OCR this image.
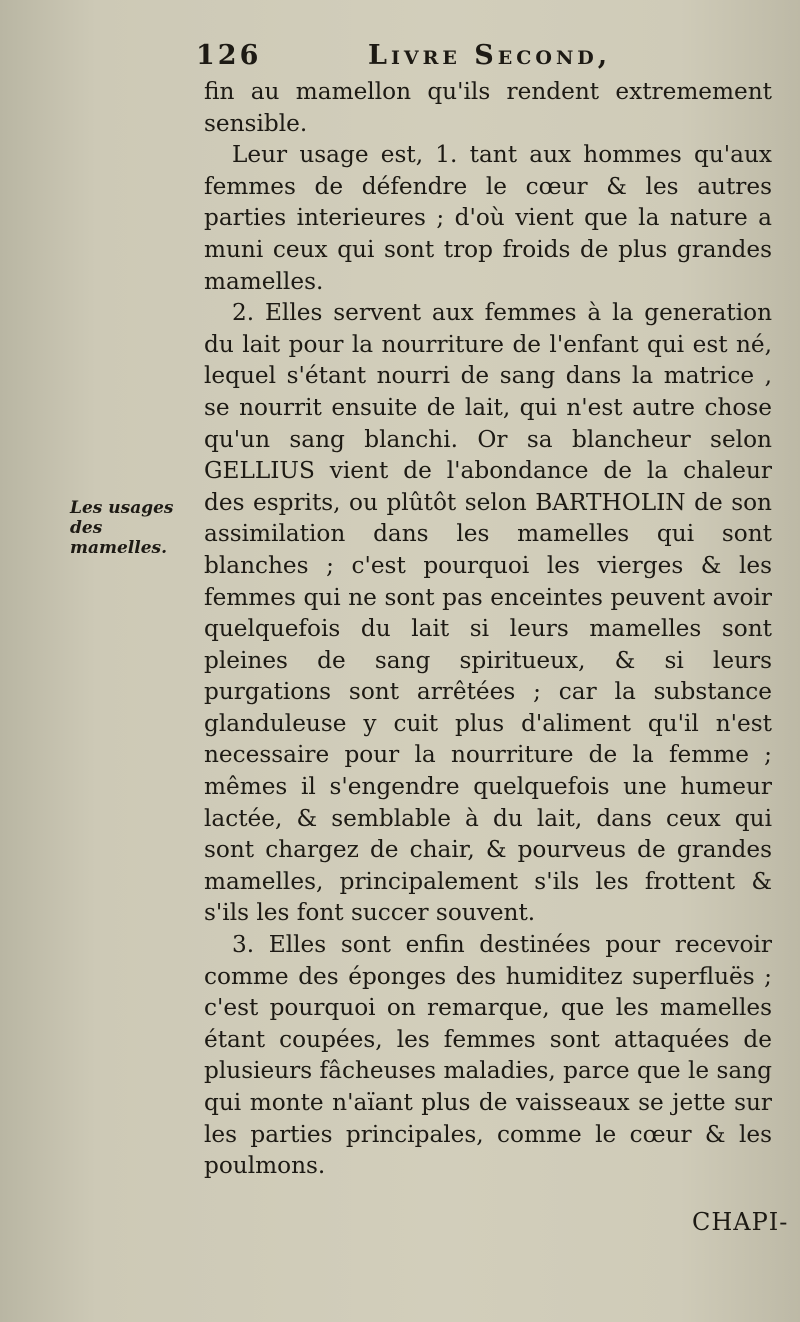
126	Livre Second,
Les usages des mamelles.

fin au mamellon qu'ils rendent extremement sensible.

Leur usage est, 1. tant aux hommes qu'aux femmes de défendre le cœur & les autres parties interieures ; d'où vient que la nature a muni ceux qui sont trop froids de plus grandes mamelles.

2. Elles servent aux femmes à la generation du lait pour la nourriture de l'enfant qui est né, lequel s'étant nourri de sang dans la matrice , se nourrit ensuite de lait, qui n'est autre chose qu'un sang blanchi. Or sa blancheur selon GELLIUS vient de l'abondance de la chaleur des esprits, ou plûtôt selon BARTHOLIN de son assimilation dans les mamelles qui sont blanches ; c'est pourquoi les vierges & les femmes qui ne sont pas enceintes peuvent avoir quelquefois du lait si leurs mamelles sont pleines de sang spiritueux, & si leurs purgations sont arrêtées ; car la substance glanduleuse y cuit plus d'aliment qu'il n'est necessaire pour la nourriture de la femme ; mêmes il s'engendre quelquefois une humeur lactée, & semblable à du lait, dans ceux qui sont chargez de chair, & pourveus de grandes mamelles, principalement s'ils les frottent & s'ils les font succer souvent.

3. Elles sont enfin destinées pour recevoir comme des éponges des humiditez superfluës ; c'est pourquoi on remarque, que les mamelles étant coupées, les femmes sont attaquées de plusieurs fâcheuses maladies, parce que le sang qui monte n'aïant plus de vaisseaux se jette sur les parties principales, comme le cœur & les poulmons.

CHAPI-
